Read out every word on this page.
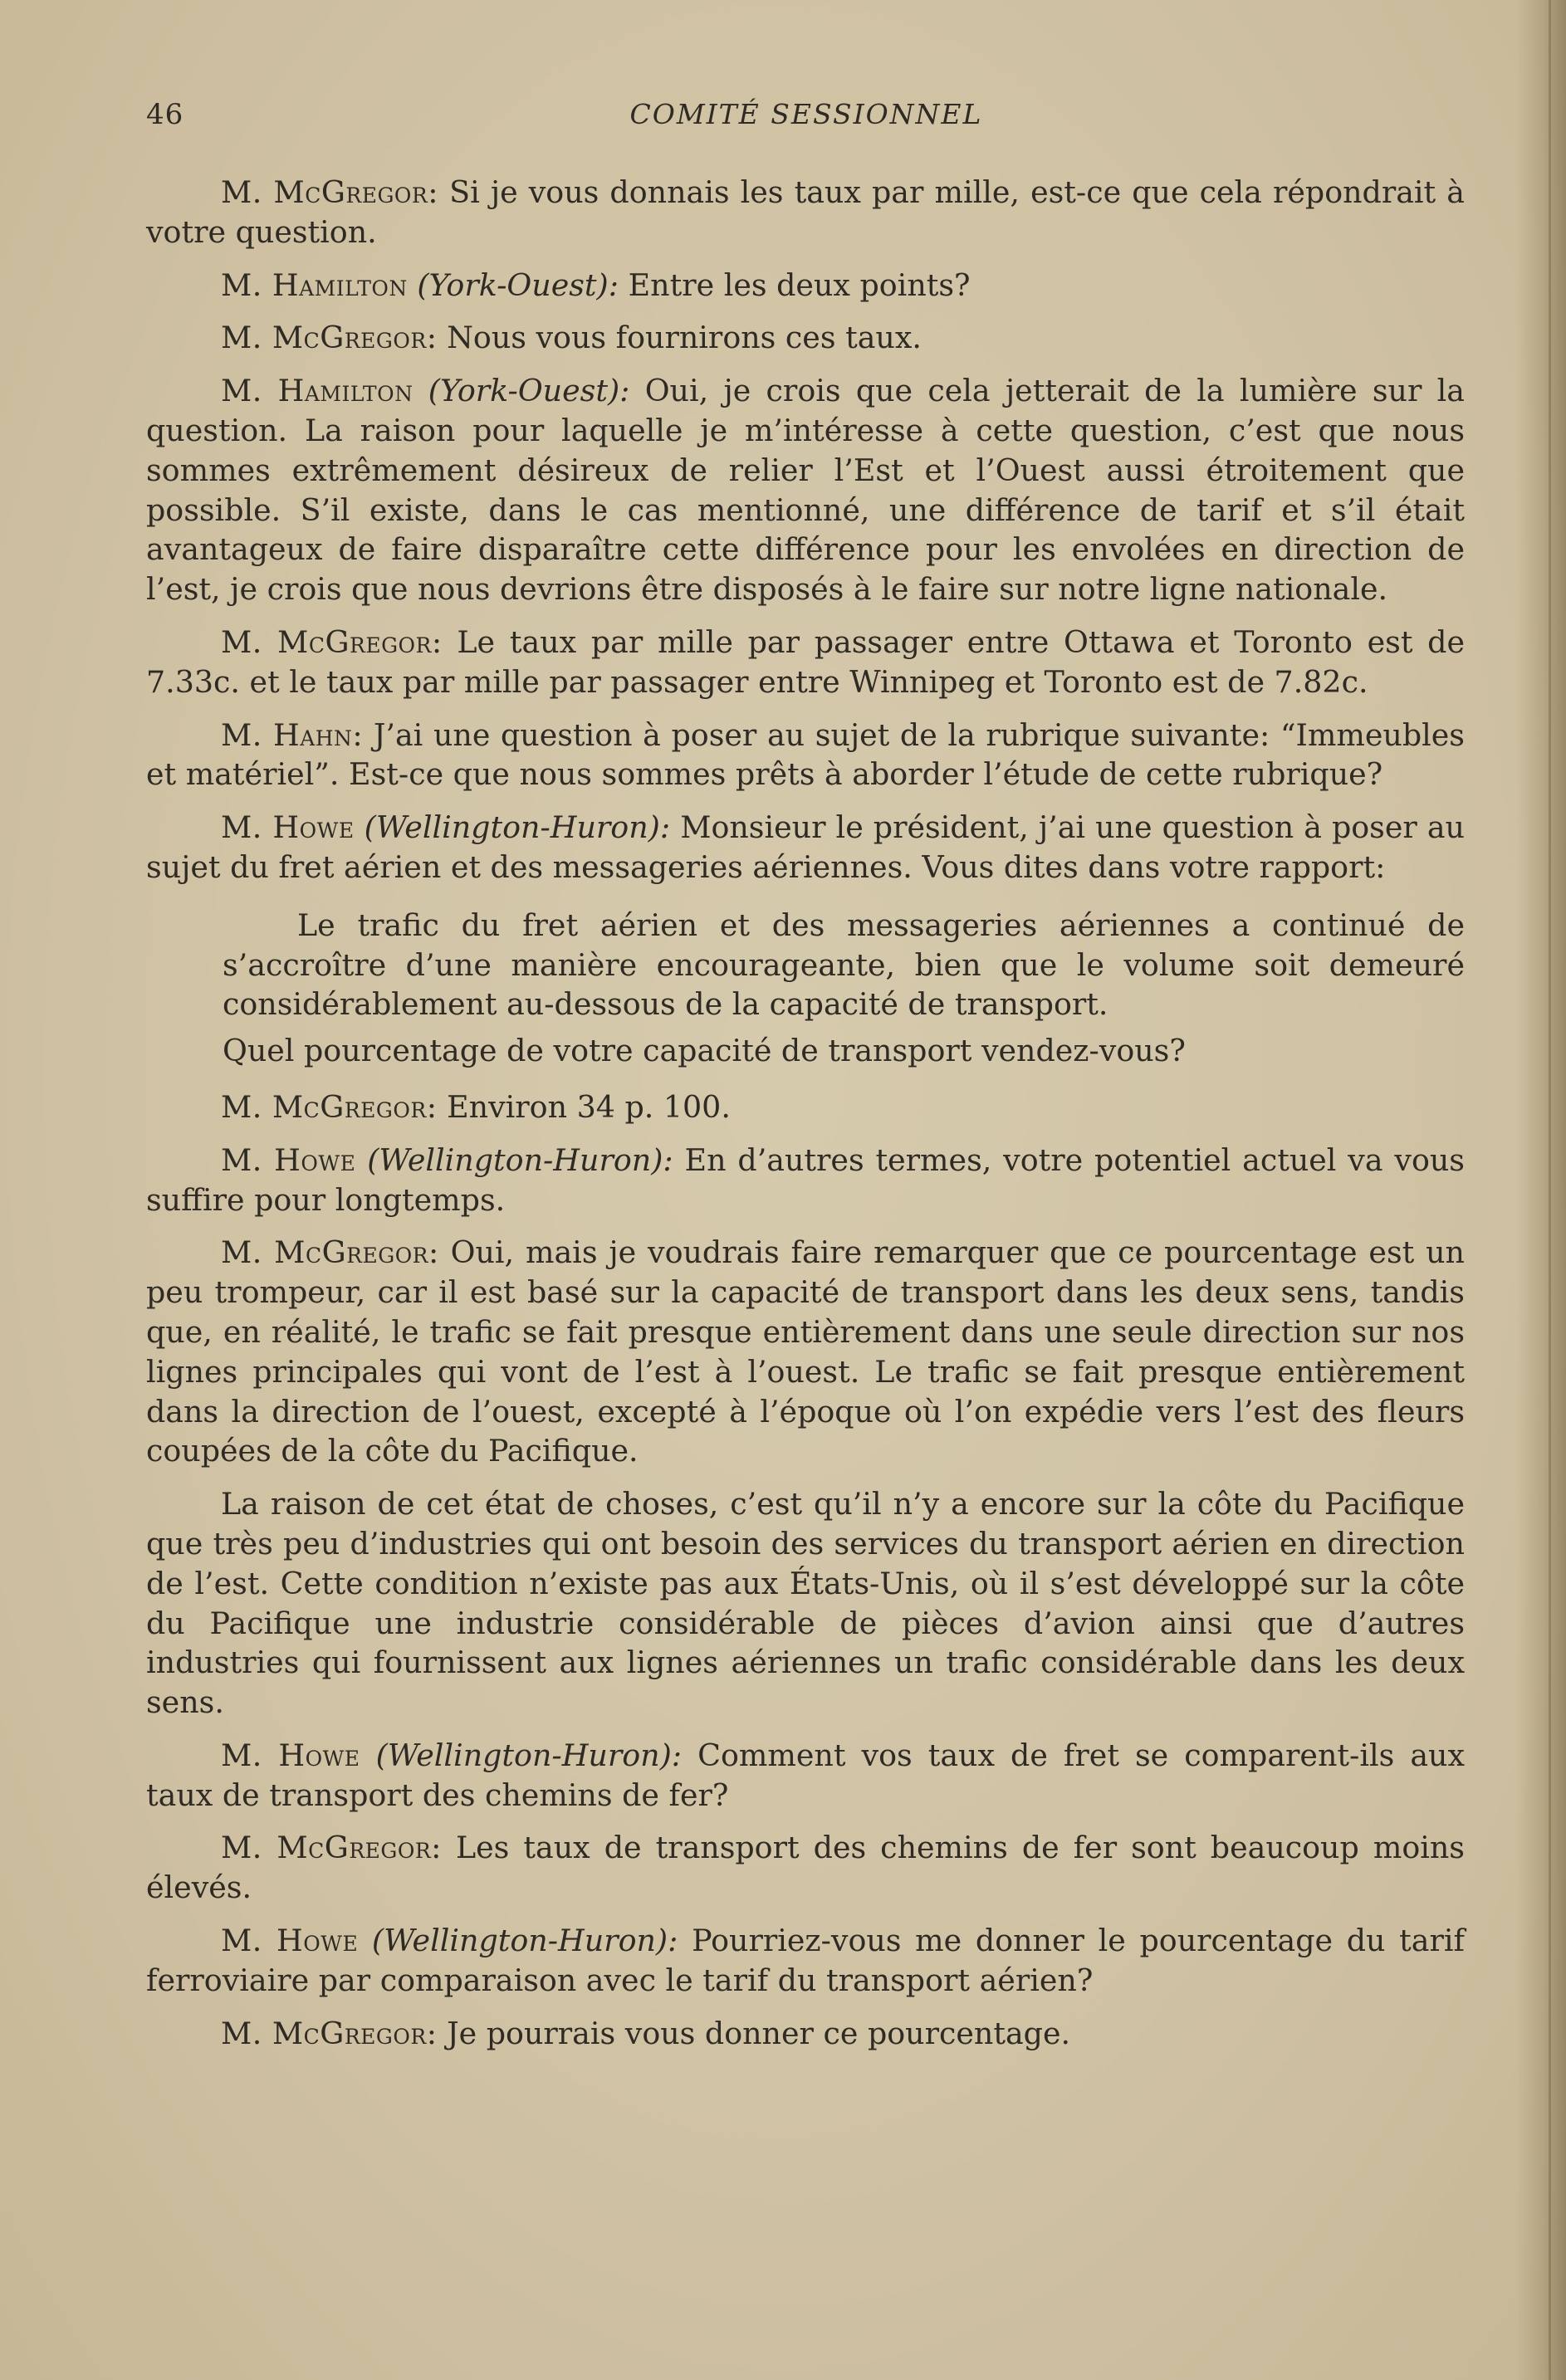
46	COMITÉ SESSIONNEL

M. McGregor: Si je vous donnais les taux par mille, est-ce que cela répondrait à votre question.

M. Hamilton (York-Ouest): Entre les deux points?

M. McGregor: Nous vous fournirons ces taux.

M. Hamilton (York-Ouest): Oui, je crois que cela jetterait de la lumière sur la question. La raison pour laquelle je m’intéresse à cette question, c’est que nous sommes extrêmement désireux de relier l’Est et l’Ouest aussi étroitement que possible. S’il existe, dans le cas mentionné, une différence de tarif et s’il était avantageux de faire disparaître cette différence pour les envolées en direction de l’est, je crois que nous devrions être disposés à le faire sur notre ligne nationale.

M. McGregor: Le taux par mille par passager entre Ottawa et Toronto est de 7.33c. et le taux par mille par passager entre Winnipeg et Toronto est de 7.82c.

M. Hahn: J’ai une question à poser au sujet de la rubrique suivante: “Immeubles et matériel”. Est-ce que nous sommes prêts à aborder l’étude de cette rubrique?

M. Howe (Wellington-Huron): Monsieur le président, j’ai une question à poser au sujet du fret aérien et des messageries aériennes. Vous dites dans votre rapport:

Le trafic du fret aérien et des messageries aériennes a continué de s’accroître d’une manière encourageante, bien que le volume soit demeuré considérablement au-dessous de la capacité de transport.
Quel pourcentage de votre capacité de transport vendez-vous?

M. McGregor: Environ 34 p. 100.

M. Howe (Wellington-Huron): En d’autres termes, votre potentiel actuel va vous suffire pour longtemps.

M. McGregor: Oui, mais je voudrais faire remarquer que ce pourcentage est un peu trompeur, car il est basé sur la capacité de transport dans les deux sens, tandis que, en réalité, le trafic se fait presque entièrement dans une seule direction sur nos lignes principales qui vont de l’est à l’ouest. Le trafic se fait presque entièrement dans la direction de l’ouest, excepté à l’époque où l’on expédie vers l’est des fleurs coupées de la côte du Pacifique.

La raison de cet état de choses, c’est qu’il n’y a encore sur la côte du Pacifique que très peu d’industries qui ont besoin des services du transport aérien en direction de l’est. Cette condition n’existe pas aux États-Unis, où il s’est développé sur la côte du Pacifique une industrie considérable de pièces d’avion ainsi que d’autres industries qui fournissent aux lignes aériennes un trafic considérable dans les deux sens.

M. Howe (Wellington-Huron): Comment vos taux de fret se comparent-ils aux taux de transport des chemins de fer?

M. McGregor: Les taux de transport des chemins de fer sont beaucoup moins élevés.

M. Howe (Wellington-Huron): Pourriez-vous me donner le pourcentage du tarif ferroviaire par comparaison avec le tarif du transport aérien?

M. McGregor: Je pourrais vous donner ce pourcentage.
